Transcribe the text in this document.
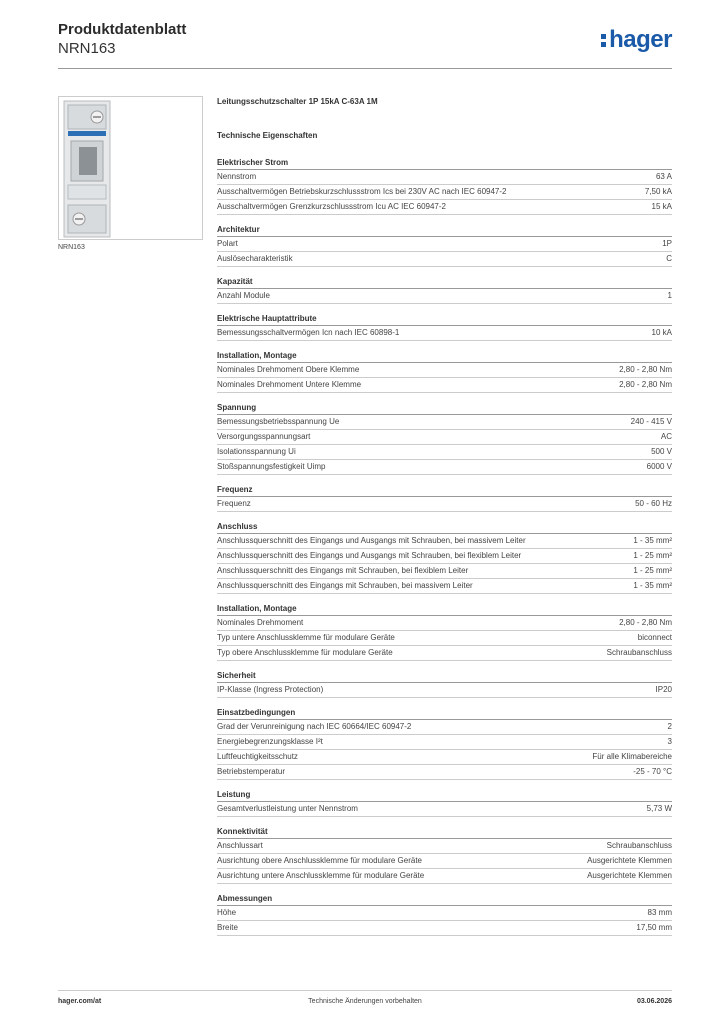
Produktdatenblatt
NRN163	hager
NRN163
Leitungsschutzschalter 1P 15kA C-63A 1M
Technische Eigenschaften
Elektrischer Strom
Nennstrom	63 A
Ausschaltvermögen Betriebskurzschlussstrom Ics bei 230V AC nach IEC 60947-2	7,50 kA
Ausschaltvermögen Grenzkurzschlussstrom Icu AC IEC 60947-2	15 kA
Architektur
Polart	1P
Auslösecharakteristik	C
Kapazität
Anzahl Module	1
Elektrische Hauptattribute
Bemessungsschaltvermögen Icn nach IEC 60898-1	10 kA
Installation, Montage
Nominales Drehmoment Obere Klemme	2,80 - 2,80 Nm
Nominales Drehmoment Untere Klemme	2,80 - 2,80 Nm
Spannung
Bemessungsbetriebsspannung Ue	240 - 415 V
Versorgungsspannungsart	AC
Isolationsspannung Ui	500 V
Stoßspannungsfestigkeit Uimp	6000 V
Frequenz
Frequenz	50 - 60 Hz
Anschluss
Anschlussquerschnitt des Eingangs und Ausgangs mit Schrauben, bei massivem Leiter	1 - 35 mm²
Anschlussquerschnitt des Eingangs und Ausgangs mit Schrauben, bei flexiblem Leiter	1 - 25 mm²
Anschlussquerschnitt des Eingangs mit Schrauben, bei flexiblem Leiter	1 - 25 mm²
Anschlussquerschnitt des Eingangs mit Schrauben, bei massivem Leiter	1 - 35 mm²
Installation, Montage
Nominales Drehmoment	2,80 - 2,80 Nm
Typ untere Anschlussklemme für modulare Geräte	biconnect
Typ obere Anschlussklemme für modulare Geräte	Schraubanschluss
Sicherheit
IP-Klasse (Ingress Protection)	IP20
Einsatzbedingungen
Grad der Verunreinigung nach IEC 60664/IEC 60947-2	2
Energiebegrenzungsklasse I²t	3
Luftfeuchtigkeitsschutz	Für alle Klimabereiche
Betriebstemperatur	-25 - 70 °C
Leistung
Gesamtverlustleistung unter Nennstrom	5,73 W
Konnektivität
Anschlussart	Schraubanschluss
Ausrichtung obere Anschlussklemme für modulare Geräte	Ausgerichtete Klemmen
Ausrichtung untere Anschlussklemme für modulare Geräte	Ausgerichtete Klemmen
Abmessungen
Höhe	83 mm
Breite	17,50 mm
hager.com/at	Technische Änderungen vorbehalten	03.06.2026
